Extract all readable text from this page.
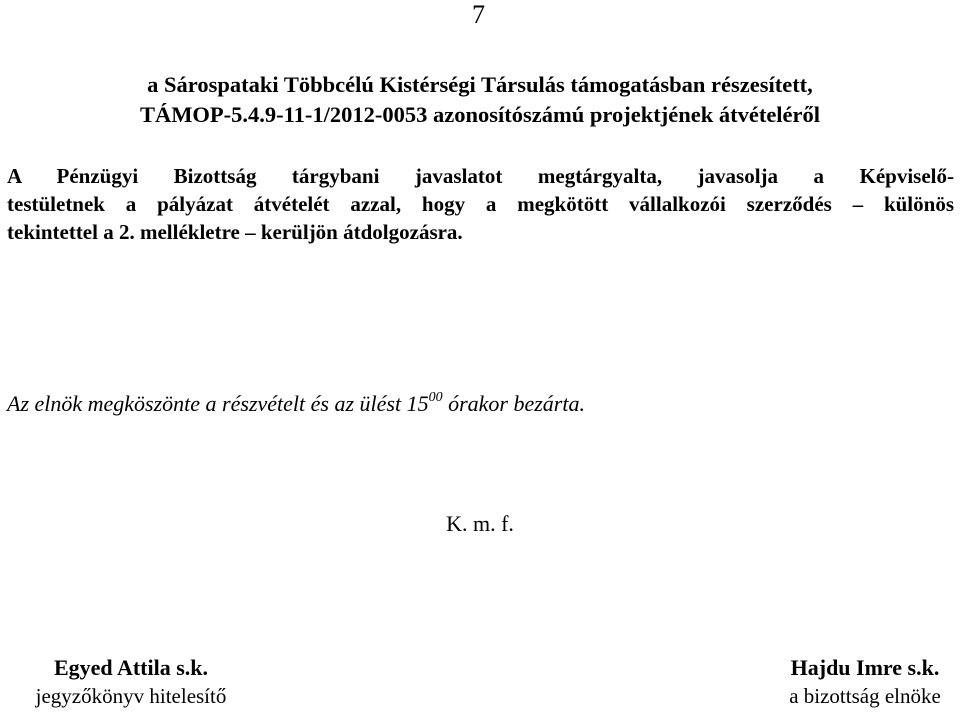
7
a Sárospataki Többcélú Kistérségi Társulás támogatásban részesített,
TÁMOP-5.4.9-11-1/2012-0053 azonosítószámú projektjének átvételéről
A Pénzügyi Bizottság tárgybani javaslatot megtárgyalta, javasolja a Képviselő-
testületnek a pályázat átvételét azzal, hogy a megkötött vállalkozói szerződés – különös
tekintettel a 2. mellékletre – kerüljön átdolgozásra.
Az elnök megköszönte a részvételt és az ülést $15^{00}$ órakor bezárta.
K. m. f.
Egyed Attila s.k.
jegyzőkönyv hitelesítő
Hajdu Imre s.k.
a bizottság elnöke
